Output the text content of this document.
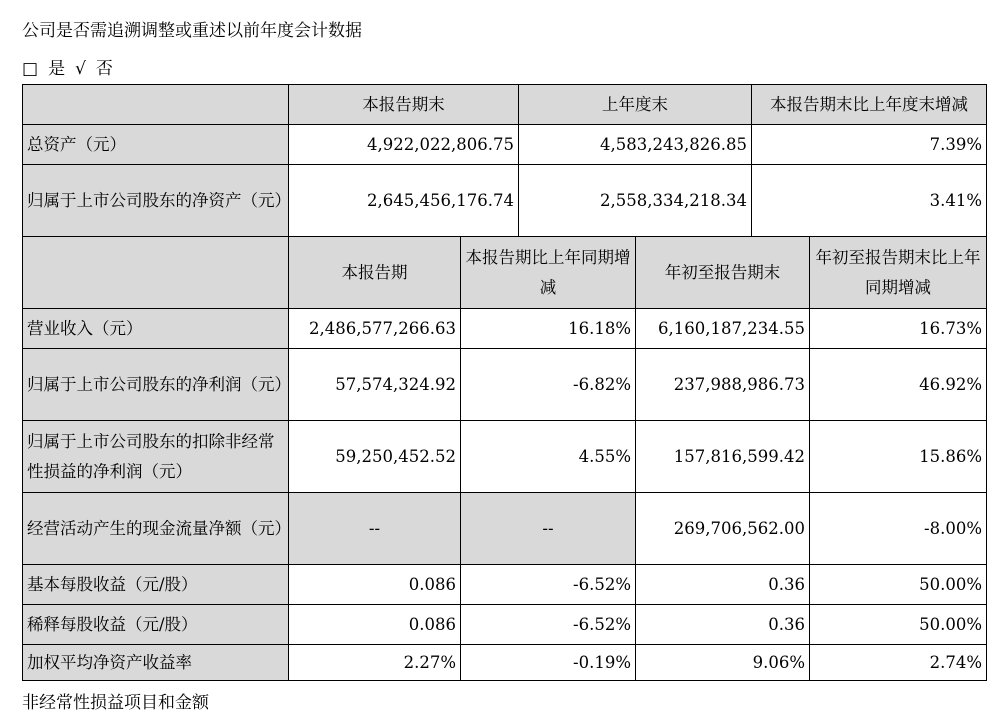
公司是否需追溯调整或重述以前年度会计数据
□ 是 √ 否
	本报告期末	上年度末	本报告期末比上年度末增减
总资产（元）	4,922,022,806.75	4,583,243,826.85	7.39%
归属于上市公司股东的净资产（元）	2,645,456,176.74	2,558,334,218.34	3.41%
	本报告期	本报告期比上年同期增减	年初至报告期末	年初至报告期末比上年同期增减
营业收入（元）	2,486,577,266.63	16.18%	6,160,187,234.55	16.73%
归属于上市公司股东的净利润（元）	57,574,324.92	-6.82%	237,988,986.73	46.92%
归属于上市公司股东的扣除非经常性损益的净利润（元）	59,250,452.52	4.55%	157,816,599.42	15.86%
经营活动产生的现金流量净额（元）	--	--	269,706,562.00	-8.00%
基本每股收益（元/股）	0.086	-6.52%	0.36	50.00%
稀释每股收益（元/股）	0.086	-6.52%	0.36	50.00%
加权平均净资产收益率	2.27%	-0.19%	9.06%	2.74%
非经常性损益项目和金额
